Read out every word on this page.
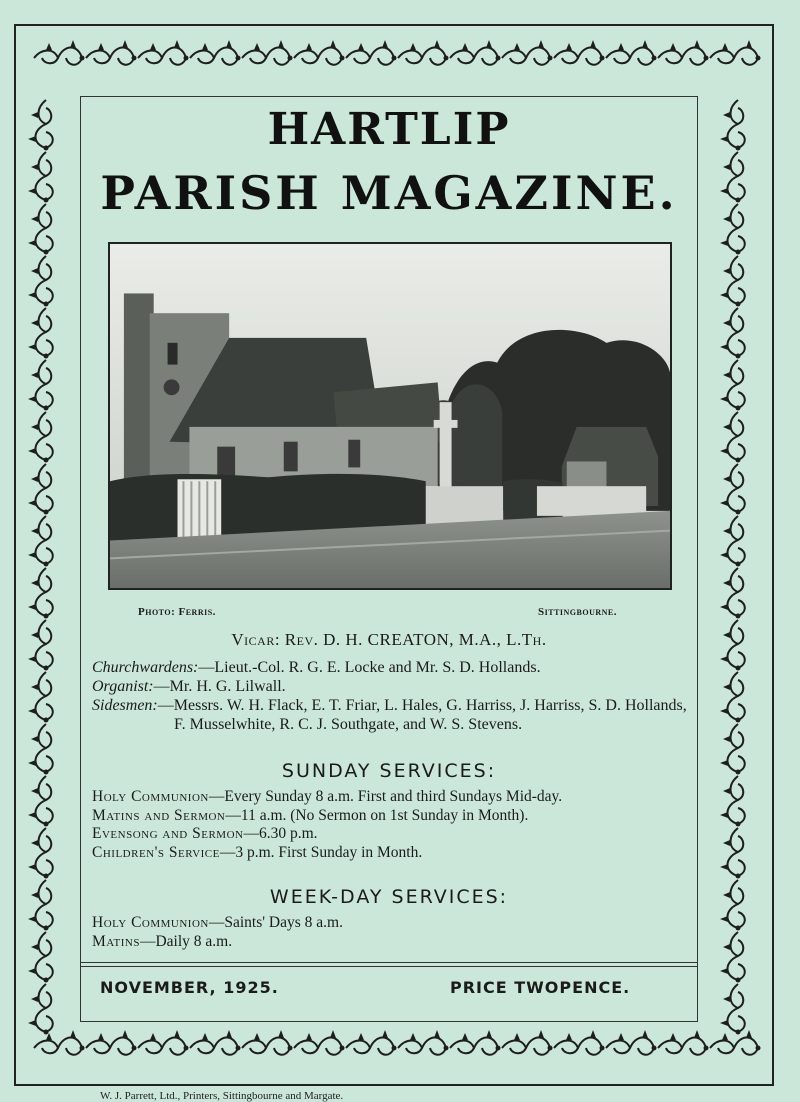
HARTLIP
PARISH MAGAZINE.
Photo: Ferris.	Sittingbourne.
Vicar: Rev. D. H. CREATON, M.A., L.Th.

Churchwardens:—Lieut.-Col. R. G. E. Locke and Mr. S. D. Hollands.

Organist:—Mr. H. G. Lilwall.

Sidesmen:—Messrs. W. H. Flack, E. T. Friar, L. Hales, G. Harriss, J. Harriss, S. D. Hollands, F. Musselwhite, R. C. J. Southgate, and W. S. Stevens.

SUNDAY SERVICES:

Holy Communion—Every Sunday 8 a.m. First and third Sundays Mid-day.

Matins and Sermon—11 a.m. (No Sermon on 1st Sunday in Month).

Evensong and Sermon—6.30 p.m.

Children's Service—3 p.m. First Sunday in Month.

WEEK-DAY SERVICES:

Holy Communion—Saints' Days 8 a.m.

Matins—Daily 8 a.m.

NOVEMBER, 1925.	PRICE TWOPENCE.
W. J. Parrett, Ltd., Printers, Sittingbourne and Margate.
